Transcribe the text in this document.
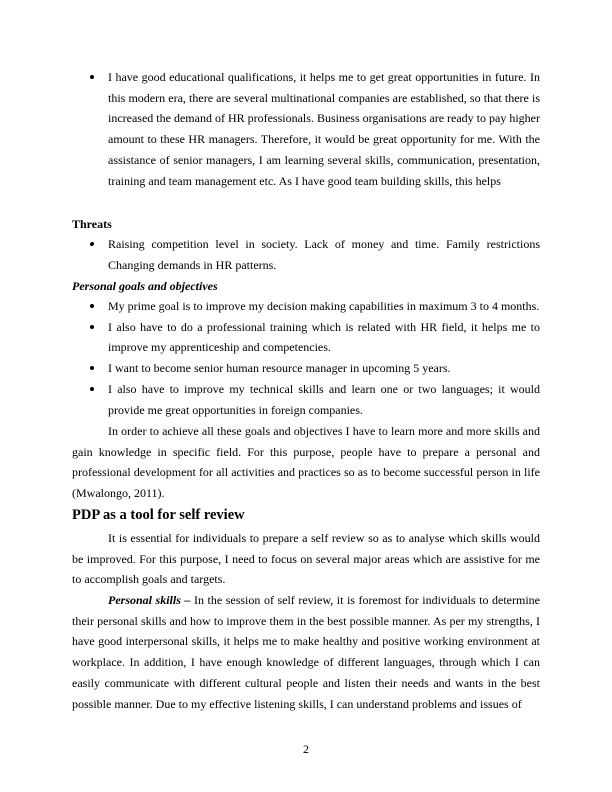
I have good educational qualifications, it helps me to get great opportunities in future. In this modern era, there are several multinational companies are established, so that there is increased the demand of HR professionals. Business organisations are ready to pay higher amount to these HR managers. Therefore, it would be great opportunity for me. With the assistance of senior managers, I am learning several skills, communication, presentation, training and team management etc. As I have good team building skills, this helps
Threats
Raising competition level in society. Lack of money and time. Family restrictions Changing demands in HR patterns.
Personal goals and objectives
My prime goal is to improve my decision making capabilities in maximum 3 to 4 months.
I also have to do a professional training which is related with HR field, it helps me to improve my apprenticeship and competencies.
I want to become senior human resource manager in upcoming 5 years.
I also have to improve my technical skills and learn one or two languages; it would provide me great opportunities in foreign companies.

In order to achieve all these goals and objectives I have to learn more and more skills and gain knowledge in specific field. For this purpose, people have to prepare a personal and professional development for all activities and practices so as to become successful person in life (Mwalongo, 2011).

PDP as a tool for self review

It is essential for individuals to prepare a self review so as to analyse which skills would be improved. For this purpose, I need to focus on several major areas which are assistive for me to accomplish goals and targets.

Personal skills – In the session of self review, it is foremost for individuals to determine their personal skills and how to improve them in the best possible manner. As per my strengths, I have good interpersonal skills, it helps me to make healthy and positive working environment at workplace. In addition, I have enough knowledge of different languages, through which I can easily communicate with different cultural people and listen their needs and wants in the best possible manner. Due to my effective listening skills, I can understand problems and issues of

2
